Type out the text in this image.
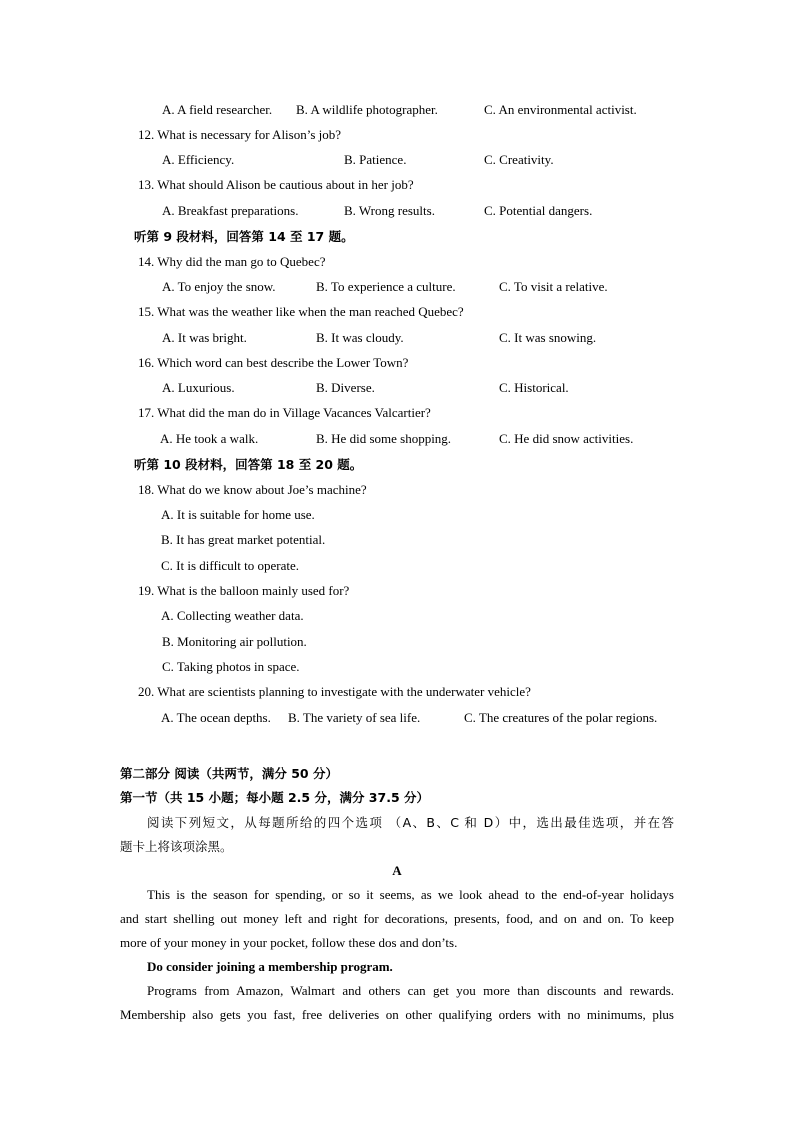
A. A field researcher. B. A wildlife photographer.	C. An environmental activist.
12. What is necessary for Alison’s job?
A. Efficiency.	B. Patience.	C. Creativity.
13. What should Alison be cautious about in her job?
A. Breakfast preparations.	B. Wrong results.	C. Potential dangers.
听第 9 段材料，回答第 14 至 17 题。
14. Why did the man go to Quebec?
A. To enjoy the snow.	B. To experience a culture.	C. To visit a relative.
15. What was the weather like when the man reached Quebec?
A. It was bright.	B. It was cloudy.	C. It was snowing.
16. Which word can best describe the Lower Town?
A. Luxurious.	B. Diverse.	C. Historical.
17. What did the man do in Village Vacances Valcartier?
A. He took a walk.	B. He did some shopping.	C. He did snow activities.
听第 10 段材料，回答第 18 至 20 题。
18. What do we know about Joe’s machine?
A. It is suitable for home use.
B. It has great market potential.
C. It is difficult to operate.
19. What is the balloon mainly used for?
A. Collecting weather data.
B. Monitoring air pollution.
C. Taking photos in space.
20. What are scientists planning to investigate with the underwater vehicle?
A. The ocean depths. B. The variety of sea life.	C. The creatures of the polar regions.
第二部分 阅读（共两节，满分 50 分）
第一节（共 15 小题；每小题 2.5 分，满分 37.5 分）
阅读下列短文，从每题所给的四个选项 （A、B、C 和 D）中，选出最佳选项，并在答
题卡上将该项涂黑。
A
This is the season for spending, or so it seems, as we look ahead to the end-of-year holidays
and start shelling out money left and right for decorations, presents, food, and on and on. To keep
more of your money in your pocket, follow these dos and don’ts.
Do consider joining a membership program.
Programs from Amazon, Walmart and others can get you more than discounts and rewards.
Membership also gets you fast, free deliveries on other qualifying orders with no minimums, plus
